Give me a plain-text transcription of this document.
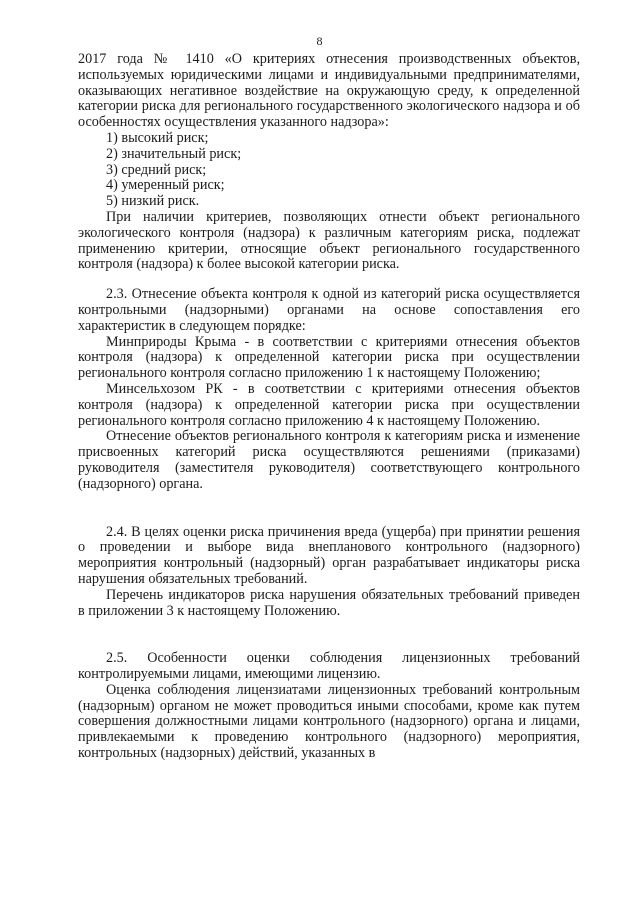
8

2017 года № 1410 «О критериях отнесения производственных объектов, используемых юридическими лицами и индивидуальными предпринимателями, оказывающих негативное воздействие на окружающую среду, к определенной категории риска для регионального государственного экологического надзора и об особенностях осуществления указанного надзора»:

1) высокий риск;

2) значительный риск;

3) средний риск;

4) умеренный риск;

5) низкий риск.

При наличии критериев, позволяющих отнести объект регионального экологического контроля (надзора) к различным категориям риска, подлежат применению критерии, относящие объект регионального государственного контроля (надзора) к более высокой категории риска.

2.3. Отнесение объекта контроля к одной из категорий риска осуществляется контрольными (надзорными) органами на основе сопоставления его характеристик в следующем порядке:

Минприроды Крыма - в соответствии с критериями отнесения объектов контроля (надзора) к определенной категории риска при осуществлении регионального контроля согласно приложению 1 к настоящему Положению;

Минсельхозом РК - в соответствии с критериями отнесения объектов контроля (надзора) к определенной категории риска при осуществлении регионального контроля согласно приложению 4 к настоящему Положению.

Отнесение объектов регионального контроля к категориям риска и изменение присвоенных категорий риска осуществляются решениями (приказами) руководителя (заместителя руководителя) соответствующего контрольного (надзорного) органа.

2.4. В целях оценки риска причинения вреда (ущерба) при принятии решения о проведении и выборе вида внепланового контрольного (надзорного) мероприятия контрольный (надзорный) орган разрабатывает индикаторы риска нарушения обязательных требований.

Перечень индикаторов риска нарушения обязательных требований приведен в приложении 3 к настоящему Положению.

2.5. Особенности оценки соблюдения лицензионных требований контролируемыми лицами, имеющими лицензию.

Оценка соблюдения лицензиатами лицензионных требований контрольным (надзорным) органом не может проводиться иными способами, кроме как путем совершения должностными лицами контрольного (надзорного) органа и лицами, привлекаемыми к проведению контрольного (надзорного) мероприятия, контрольных (надзорных) действий, указанных в
